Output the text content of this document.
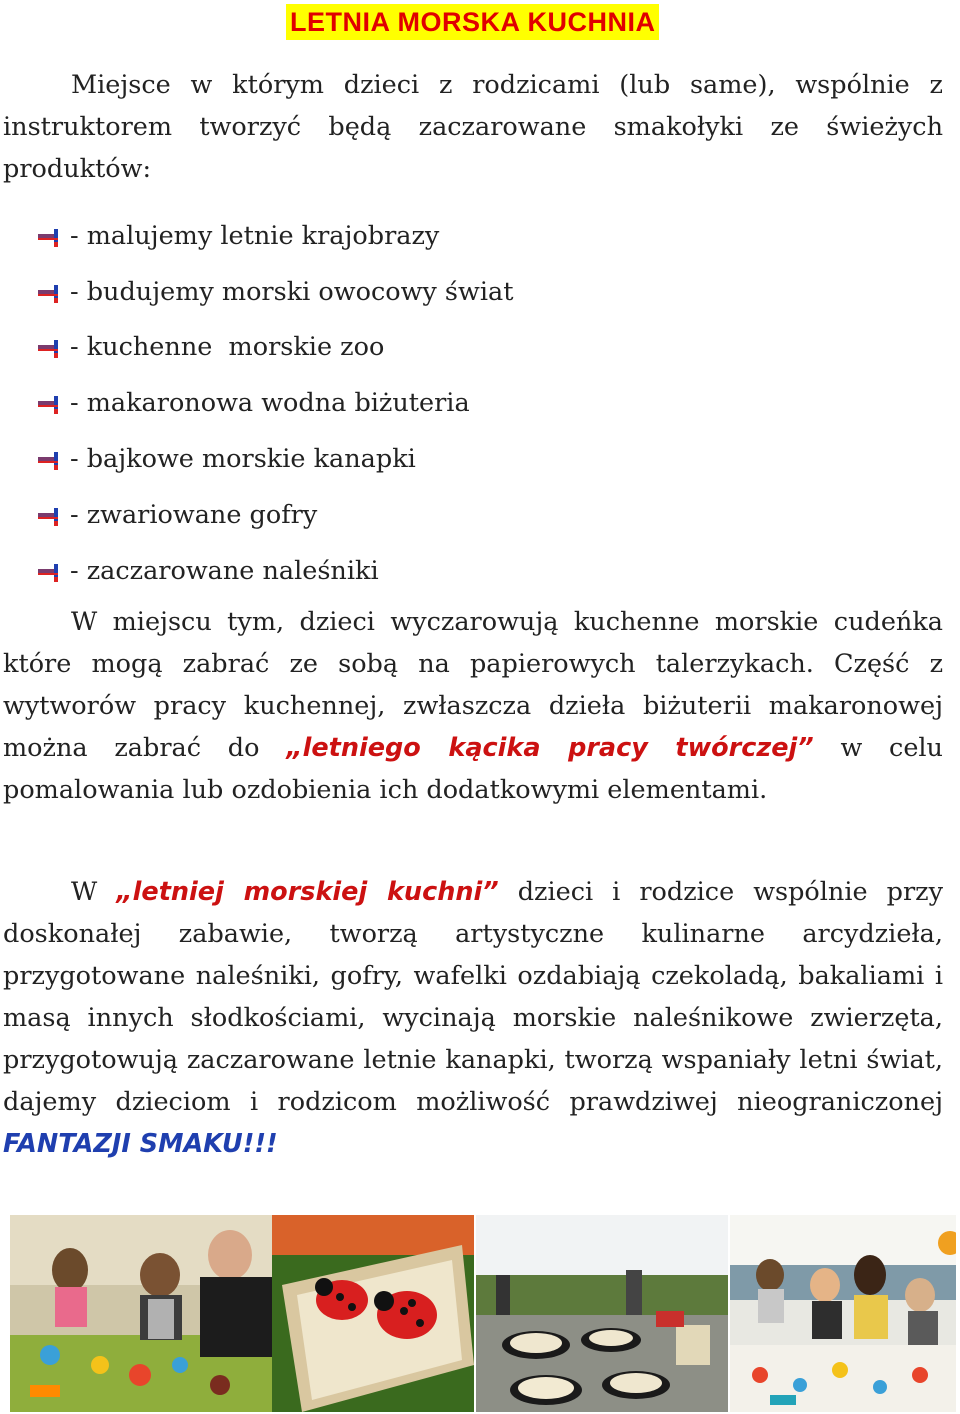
LETNIA MORSKA KUCHNIA

Miejsce w którym dzieci z rodzicami (lub same), wspólnie z instruktorem tworzyć będą zaczarowane smakołyki ze świeżych produktów:

- malujemy letnie krajobrazy
- budujemy morski owocowy świat
- kuchenne  morskie zoo
- makaronowa wodna biżuteria
- bajkowe morskie kanapki
- zwariowane gofry
- zaczarowane naleśniki

W miejscu tym, dzieci wyczarowują kuchenne morskie cudeńka które mogą zabrać ze sobą na papierowych talerzykach. Część z wytworów pracy kuchennej, zwłaszcza dzieła biżuterii makaronowej można zabrać do „letniego kącika pracy twórczej” w celu pomalowania lub ozdobienia ich dodatkowymi elementami.

W „letniej morskiej kuchni” dzieci i rodzice wspólnie przy doskonałej zabawie, tworzą artystyczne kulinarne arcydzieła, przygotowane naleśniki, gofry, wafelki ozdabiają czekoladą, bakaliami i masą innych słodkościami, wycinają morskie naleśnikowe zwierzęta, przygotowują zaczarowane letnie kanapki, tworzą wspaniały letni świat, dajemy dzieciom i rodzicom możliwość prawdziwej nieograniczonej FANTAZJI SMAKU!!!
